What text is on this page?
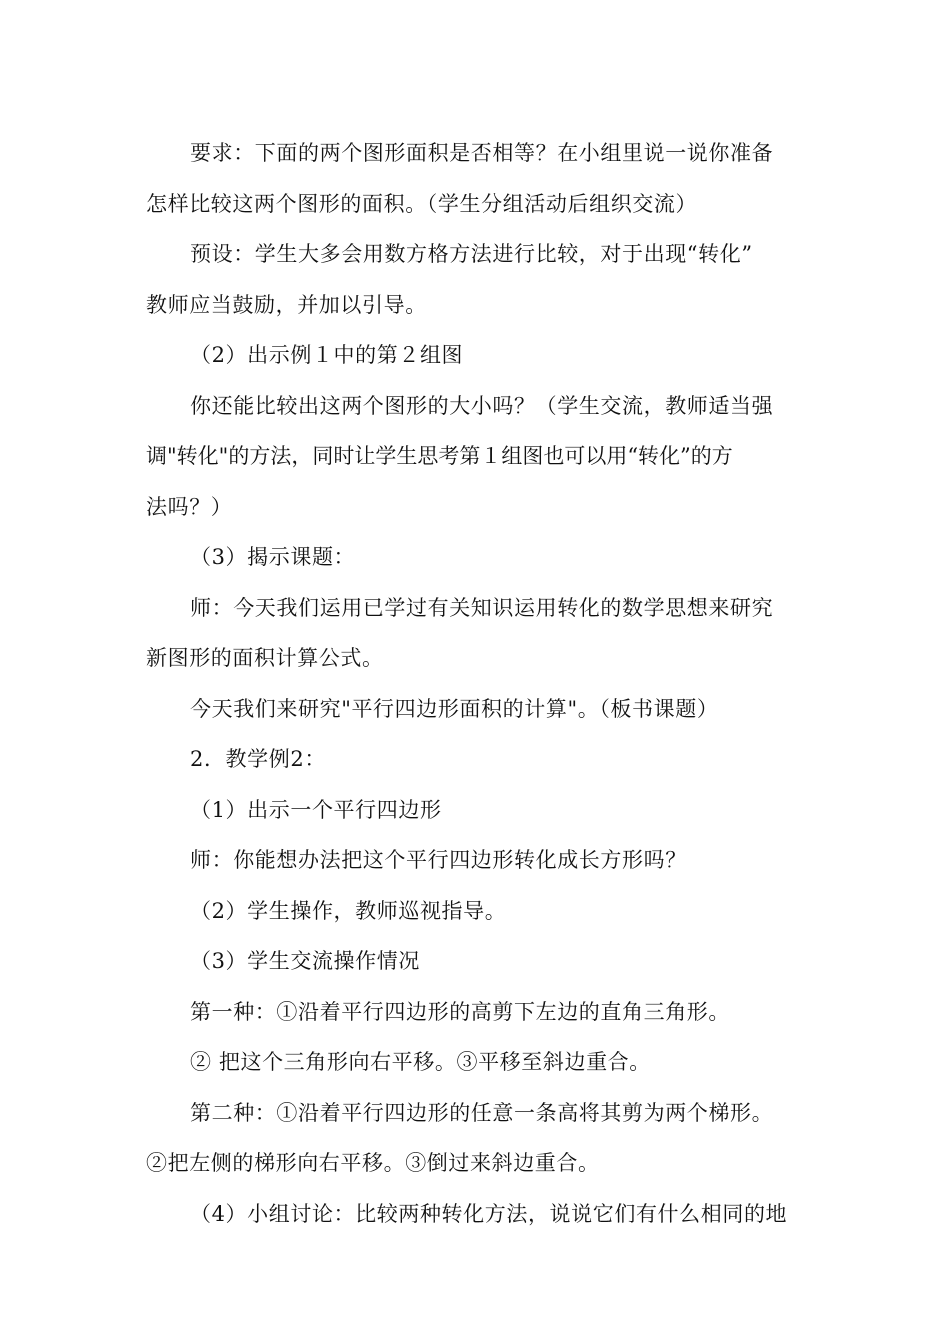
要求：下面的两个图形面积是否相等？在小组里说一说你准备

怎样比较这两个图形的面积。（学生分组活动后组织交流）

预设：学生大多会用数方格方法进行比较，对于出现“转化”

教师应当鼓励，并加以引导。

（2）出示例１中的第２组图

你还能比较出这两个图形的大小吗？（学生交流，教师适当强

调"转化"的方法，同时让学生思考第１组图也可以用“转化”的方

法吗？）

（3）揭示课题：

师：今天我们运用已学过有关知识运用转化的数学思想来研究

新图形的面积计算公式。

今天我们来研究"平行四边形面积的计算"。（板书课题）

2．教学例2：

（1）出示一个平行四边形

师：你能想办法把这个平行四边形转化成长方形吗？

（2）学生操作，教师巡视指导。

（3）学生交流操作情况

第一种：①沿着平行四边形的高剪下左边的直角三角形。

② 把这个三角形向右平移。③平移至斜边重合。

第二种：①沿着平行四边形的任意一条高将其剪为两个梯形。

②把左侧的梯形向右平移。③倒过来斜边重合。

（4）小组讨论：比较两种转化方法，说说它们有什么相同的地
